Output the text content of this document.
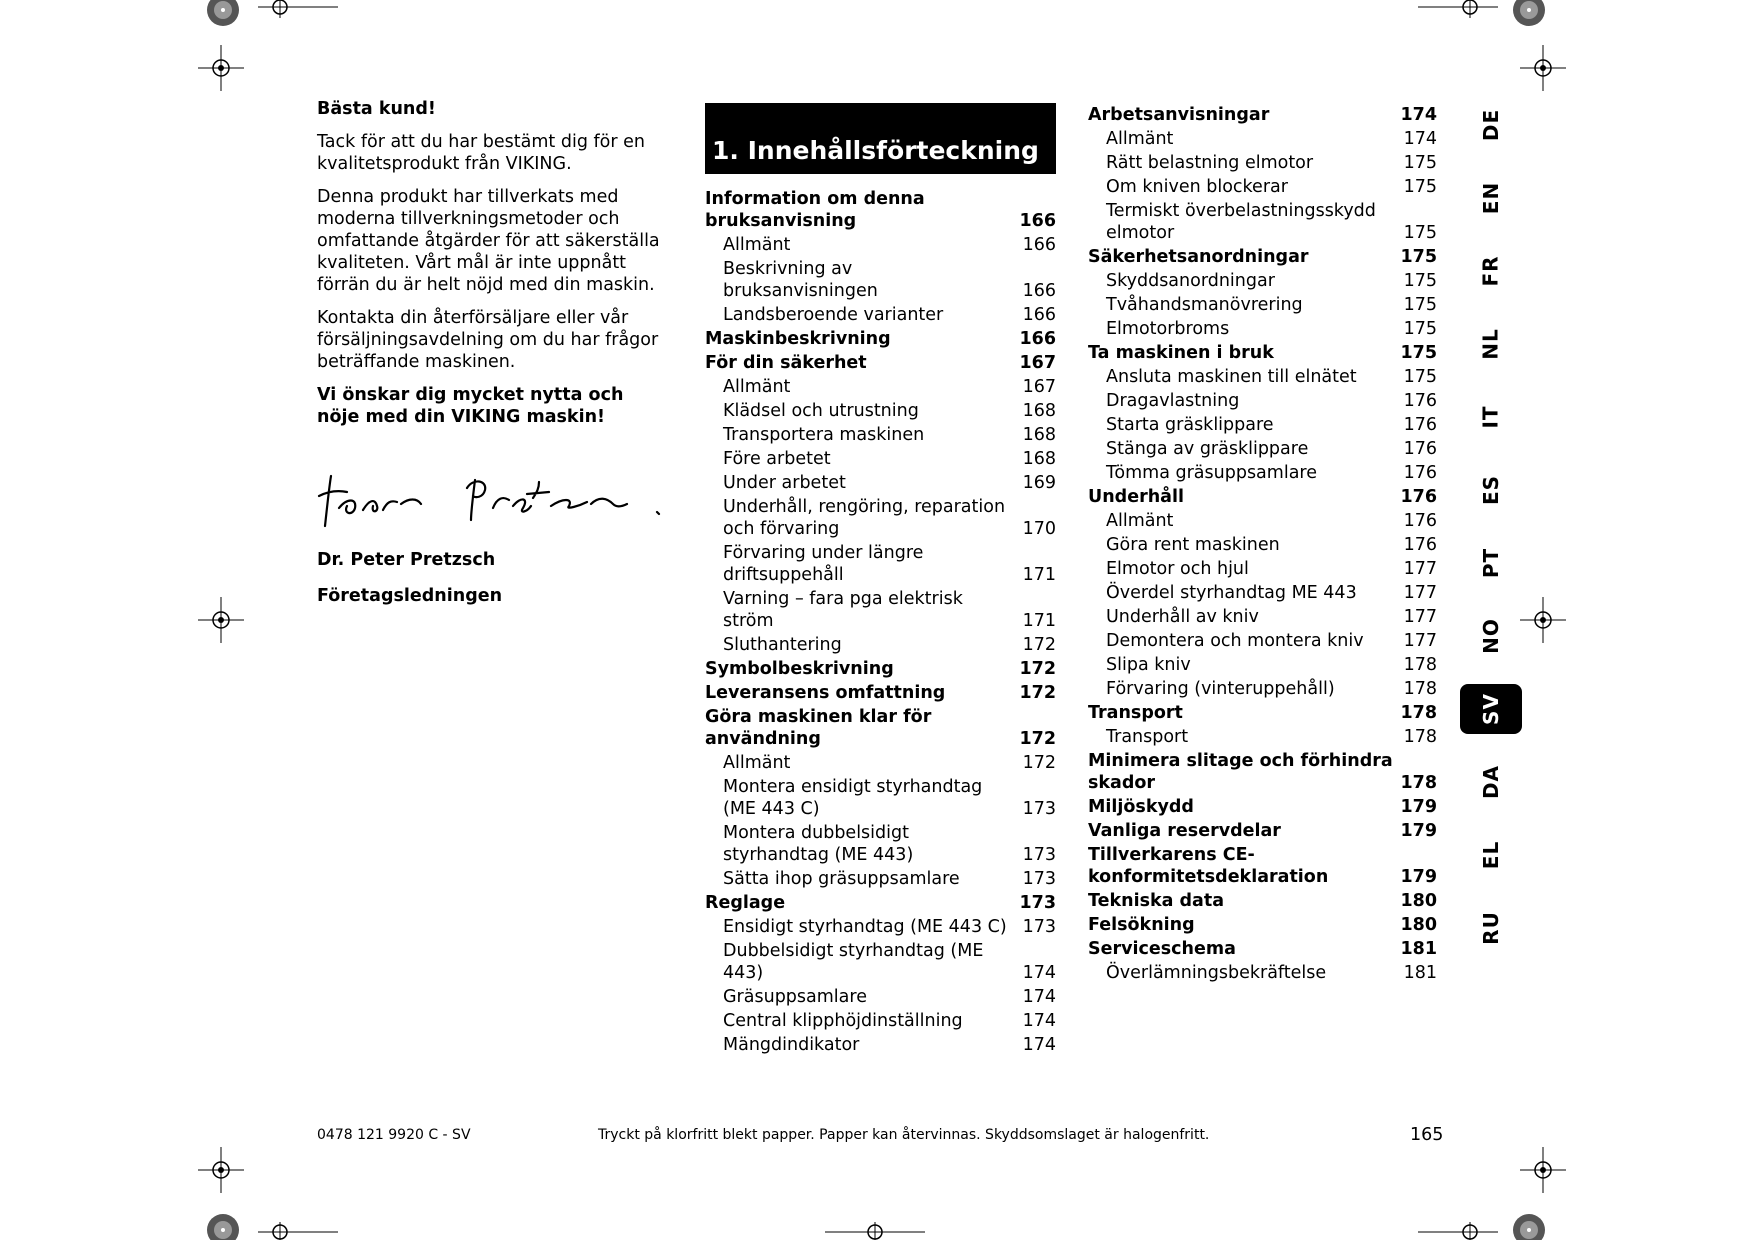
Bästa kund!

Tack för att du har bestämt dig för en kvalitetsprodukt från VIKING.

Denna produkt har tillverkats med moderna tillverkningsmetoder och omfattande åtgärder för att säkerställa kvaliteten. Vårt mål är inte uppnått förrän du är helt nöjd med din maskin.

Kontakta din återförsäljare eller vår försäljningsavdelning om du har frågor beträffande maskinen.

Vi önskar dig mycket nytta och nöje med din VIKING maskin!

Dr. Peter Pretzsch
Företagsledningen
1. Innehållsförteckning
Information om denna bruksanvisning	166
Allmänt	166
Beskrivning av bruksanvisningen	166
Landsberoende varianter	166
Maskinbeskrivning	166
För din säkerhet	167
Allmänt	167
Klädsel och utrustning	168
Transportera maskinen	168
Före arbetet	168
Under arbetet	169
Underhåll, rengöring, reparation och förvaring	170
Förvaring under längre driftsuppehåll	171
Varning – fara pga elektrisk ström	171
Sluthantering	172
Symbolbeskrivning	172
Leveransens omfattning	172
Göra maskinen klar för användning	172
Allmänt	172
Montera ensidigt styrhandtag (ME 443 C)	173
Montera dubbelsidigt styrhandtag (ME 443)	173
Sätta ihop gräsuppsamlare	173
Reglage	173
Ensidigt styrhandtag (ME 443 C) 173
Dubbelsidigt styrhandtag (ME 443)	174
Gräsuppsamlare	174
Central klipphöjdinställning	174
Mängdindikator	174
Arbetsanvisningar	174
Allmänt	174
Rätt belastning elmotor	175
Om kniven blockerar	175
Termiskt överbelastningsskydd elmotor	175
Säkerhetsanordningar	175
Skyddsanordningar	175
Tvåhandsmanövrering	175
Elmotorbroms	175
Ta maskinen i bruk	175
Ansluta maskinen till elnätet	175
Dragavlastning	176
Starta gräsklippare	176
Stänga av gräsklippare	176
Tömma gräsuppsamlare	176
Underhåll	176
Allmänt	176
Göra rent maskinen	176
Elmotor och hjul	177
Överdel styrhandtag ME 443	177
Underhåll av kniv	177
Demontera och montera kniv	177
Slipa kniv	178
Förvaring (vinteruppehåll)	178
Transport	178
Transport	178
Minimera slitage och förhindra skador	178
Miljöskydd	179
Vanliga reservdelar	179
Tillverkarens CE-konformitetsdeklaration	179
Tekniska data	180
Felsökning	180
Serviceschema	181
Överlämningsbekräftelse	181
DE
EN
FR
NL
IT
ES
PT
NO
SV
DA
EL
RU
0478 121 9920 C - SV	Tryckt på klorfritt blekt papper. Papper kan återvinnas. Skyddsomslaget är halogenfritt.	165
